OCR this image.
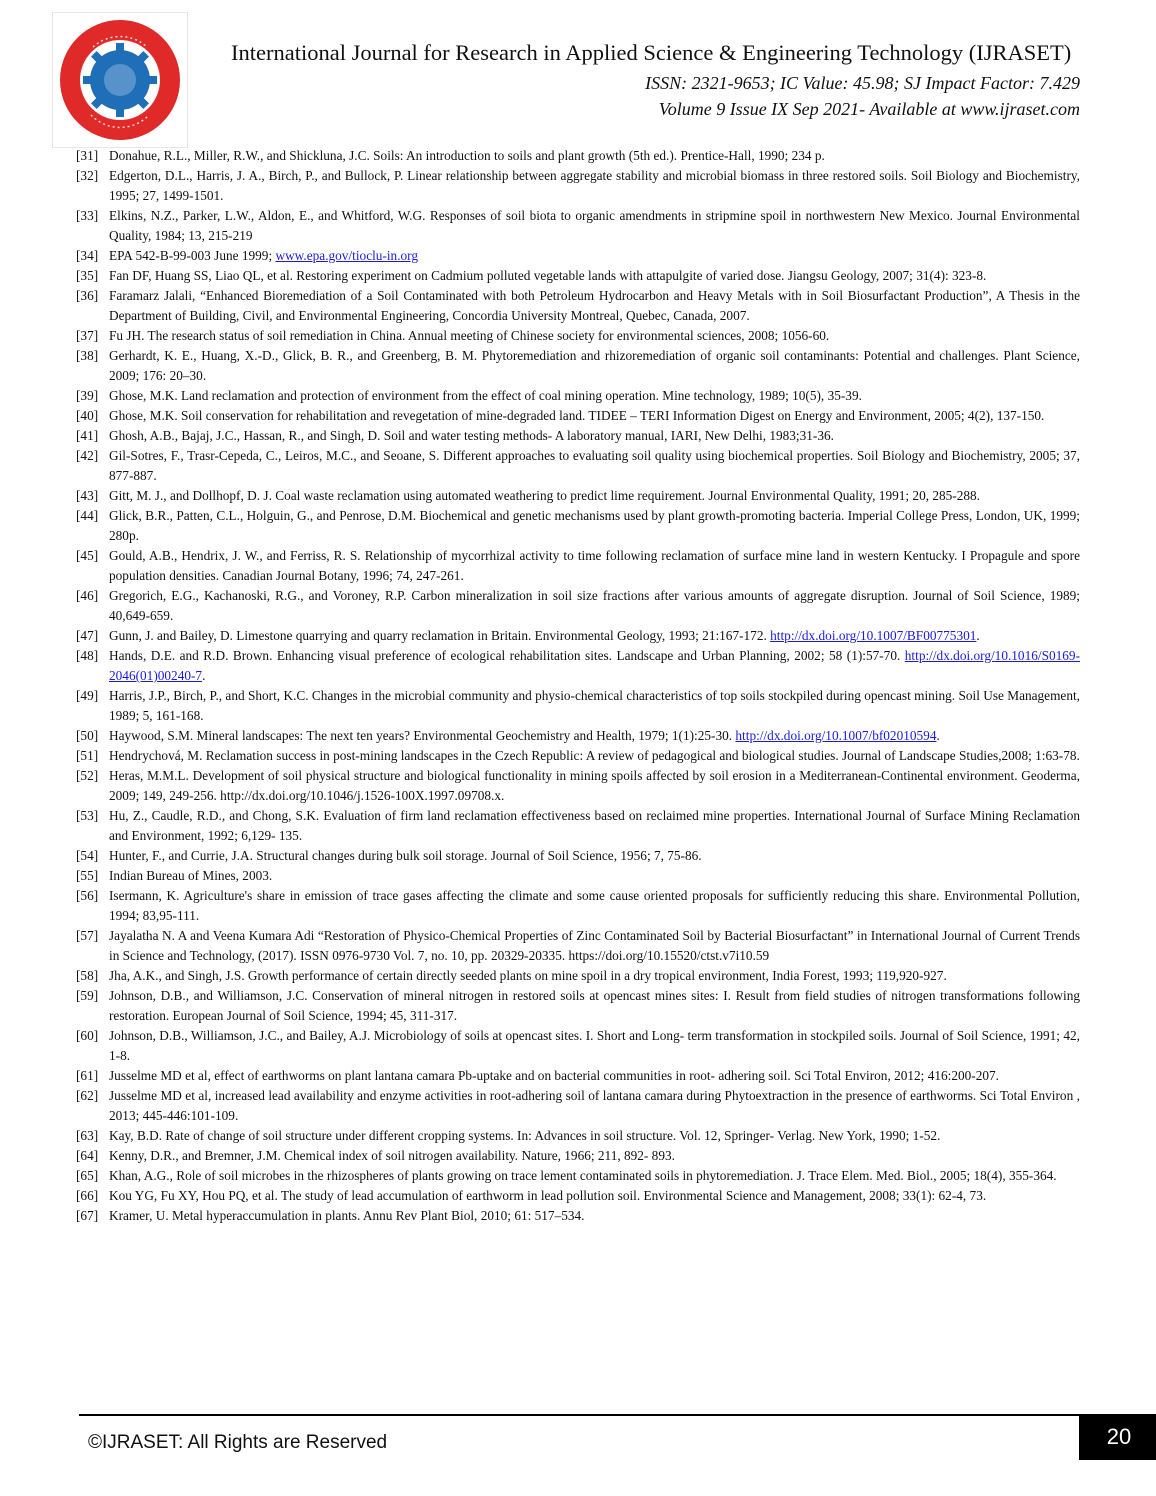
International Journal for Research in Applied Science & Engineering Technology (IJRASET)
ISSN: 2321-9653; IC Value: 45.98; SJ Impact Factor: 7.429
Volume 9 Issue IX Sep 2021- Available at www.ijraset.com
[31] Donahue, R.L., Miller, R.W., and Shickluna, J.C. Soils: An introduction to soils and plant growth (5th ed.). Prentice-Hall, 1990; 234 p.
[32] Edgerton, D.L., Harris, J. A., Birch, P., and Bullock, P. Linear relationship between aggregate stability and microbial biomass in three restored soils. Soil Biology and Biochemistry, 1995; 27, 1499-1501.
[33] Elkins, N.Z., Parker, L.W., Aldon, E., and Whitford, W.G. Responses of soil biota to organic amendments in stripmine spoil in northwestern New Mexico. Journal Environmental Quality, 1984; 13, 215-219
[34] EPA 542-B-99-003 June 1999; www.epa.gov/tioclu-in.org
[35] Fan DF, Huang SS, Liao QL, et al. Restoring experiment on Cadmium polluted vegetable lands with attapulgite of varied dose. Jiangsu Geology, 2007; 31(4): 323-8.
[36] Faramarz Jalali, “Enhanced Bioremediation of a Soil Contaminated with both Petroleum Hydrocarbon and Heavy Metals with in Soil Biosurfactant Production”, A Thesis in the Department of Building, Civil, and Environmental Engineering, Concordia University Montreal, Quebec, Canada, 2007.
[37] Fu JH. The research status of soil remediation in China. Annual meeting of Chinese society for environmental sciences, 2008; 1056-60.
[38] Gerhardt, K. E., Huang, X.-D., Glick, B. R., and Greenberg, B. M. Phytoremediation and rhizoremediation of organic soil contaminants: Potential and challenges. Plant Science, 2009; 176: 20–30.
[39] Ghose, M.K. Land reclamation and protection of environment from the effect of coal mining operation. Mine technology, 1989; 10(5), 35-39.
[40] Ghose, M.K. Soil conservation for rehabilitation and revegetation of mine-degraded land. TIDEE – TERI Information Digest on Energy and Environment, 2005; 4(2), 137-150.
[41] Ghosh, A.B., Bajaj, J.C., Hassan, R., and Singh, D. Soil and water testing methods- A laboratory manual, IARI, New Delhi, 1983;31-36.
[42] Gil-Sotres, F., Trasr-Cepeda, C., Leiros, M.C., and Seoane, S. Different approaches to evaluating soil quality using biochemical properties. Soil Biology and Biochemistry, 2005; 37, 877-887.
[43] Gitt, M. J., and Dollhopf, D. J. Coal waste reclamation using automated weathering to predict lime requirement. Journal Environmental Quality, 1991; 20, 285-288.
[44] Glick, B.R., Patten, C.L., Holguin, G., and Penrose, D.M. Biochemical and genetic mechanisms used by plant growth-promoting bacteria. Imperial College Press, London, UK, 1999; 280p.
[45] Gould, A.B., Hendrix, J. W., and Ferriss, R. S. Relationship of mycorrhizal activity to time following reclamation of surface mine land in western Kentucky. I Propagule and spore population densities. Canadian Journal Botany, 1996; 74, 247-261.
[46] Gregorich, E.G., Kachanoski, R.G., and Voroney, R.P. Carbon mineralization in soil size fractions after various amounts of aggregate disruption. Journal of Soil Science, 1989; 40,649-659.
[47] Gunn, J. and Bailey, D. Limestone quarrying and quarry reclamation in Britain. Environmental Geology, 1993; 21:167-172. http://dx.doi.org/10.1007/BF00775301.
[48] Hands, D.E. and R.D. Brown. Enhancing visual preference of ecological rehabilitation sites. Landscape and Urban Planning, 2002; 58 (1):57-70. http://dx.doi.org/10.1016/S0169-2046(01)00240-7.
[49] Harris, J.P., Birch, P., and Short, K.C. Changes in the microbial community and physio-chemical characteristics of top soils stockpiled during opencast mining. Soil Use Management, 1989; 5, 161-168.
[50] Haywood, S.M. Mineral landscapes: The next ten years? Environmental Geochemistry and Health, 1979; 1(1):25-30. http://dx.doi.org/10.1007/bf02010594.
[51] Hendrychová, M. Reclamation success in post-mining landscapes in the Czech Republic: A review of pedagogical and biological studies. Journal of Landscape Studies,2008; 1:63-78.
[52] Heras, M.M.L. Development of soil physical structure and biological functionality in mining spoils affected by soil erosion in a Mediterranean-Continental environment. Geoderma, 2009; 149, 249-256. http://dx.doi.org/10.1046/j.1526-100X.1997.09708.x.
[53] Hu, Z., Caudle, R.D., and Chong, S.K. Evaluation of firm land reclamation effectiveness based on reclaimed mine properties. International Journal of Surface Mining Reclamation and Environment, 1992; 6,129- 135.
[54] Hunter, F., and Currie, J.A. Structural changes during bulk soil storage. Journal of Soil Science, 1956; 7, 75-86.
[55] Indian Bureau of Mines, 2003.
[56] Isermann, K. Agriculture's share in emission of trace gases affecting the climate and some cause oriented proposals for sufficiently reducing this share. Environmental Pollution, 1994; 83,95-111.
[57] Jayalatha N. A and Veena Kumara Adi “Restoration of Physico-Chemical Properties of Zinc Contaminated Soil by Bacterial Biosurfactant” in International Journal of Current Trends in Science and Technology, (2017). ISSN 0976-9730 Vol. 7, no. 10, pp. 20329-20335. https://doi.org/10.15520/ctst.v7i10.59
[58] Jha, A.K., and Singh, J.S. Growth performance of certain directly seeded plants on mine spoil in a dry tropical environment, India Forest, 1993; 119,920-927.
[59] Johnson, D.B., and Williamson, J.C. Conservation of mineral nitrogen in restored soils at opencast mines sites: I. Result from field studies of nitrogen transformations following restoration. European Journal of Soil Science, 1994; 45, 311-317.
[60] Johnson, D.B., Williamson, J.C., and Bailey, A.J. Microbiology of soils at opencast sites. I. Short and Long- term transformation in stockpiled soils. Journal of Soil Science, 1991; 42, 1-8.
[61] Jusselme MD et al, effect of earthworms on plant lantana camara Pb-uptake and on bacterial communities in root- adhering soil. Sci Total Environ, 2012; 416:200-207.
[62] Jusselme MD et al, increased lead availability and enzyme activities in root-adhering soil of lantana camara during Phytoextraction in the presence of earthworms. Sci Total Environ , 2013; 445-446:101-109.
[63] Kay, B.D. Rate of change of soil structure under different cropping systems. In: Advances in soil structure. Vol. 12, Springer- Verlag. New York, 1990; 1-52.
[64] Kenny, D.R., and Bremner, J.M. Chemical index of soil nitrogen availability. Nature, 1966; 211, 892- 893.
[65] Khan, A.G., Role of soil microbes in the rhizospheres of plants growing on trace lement contaminated soils in phytoremediation. J. Trace Elem. Med. Biol., 2005; 18(4), 355-364.
[66] Kou YG, Fu XY, Hou PQ, et al. The study of lead accumulation of earthworm in lead pollution soil. Environmental Science and Management, 2008; 33(1): 62-4, 73.
[67] Kramer, U. Metal hyperaccumulation in plants. Annu Rev Plant Biol, 2010; 61: 517–534.
©IJRASET: All Rights are Reserved	20
